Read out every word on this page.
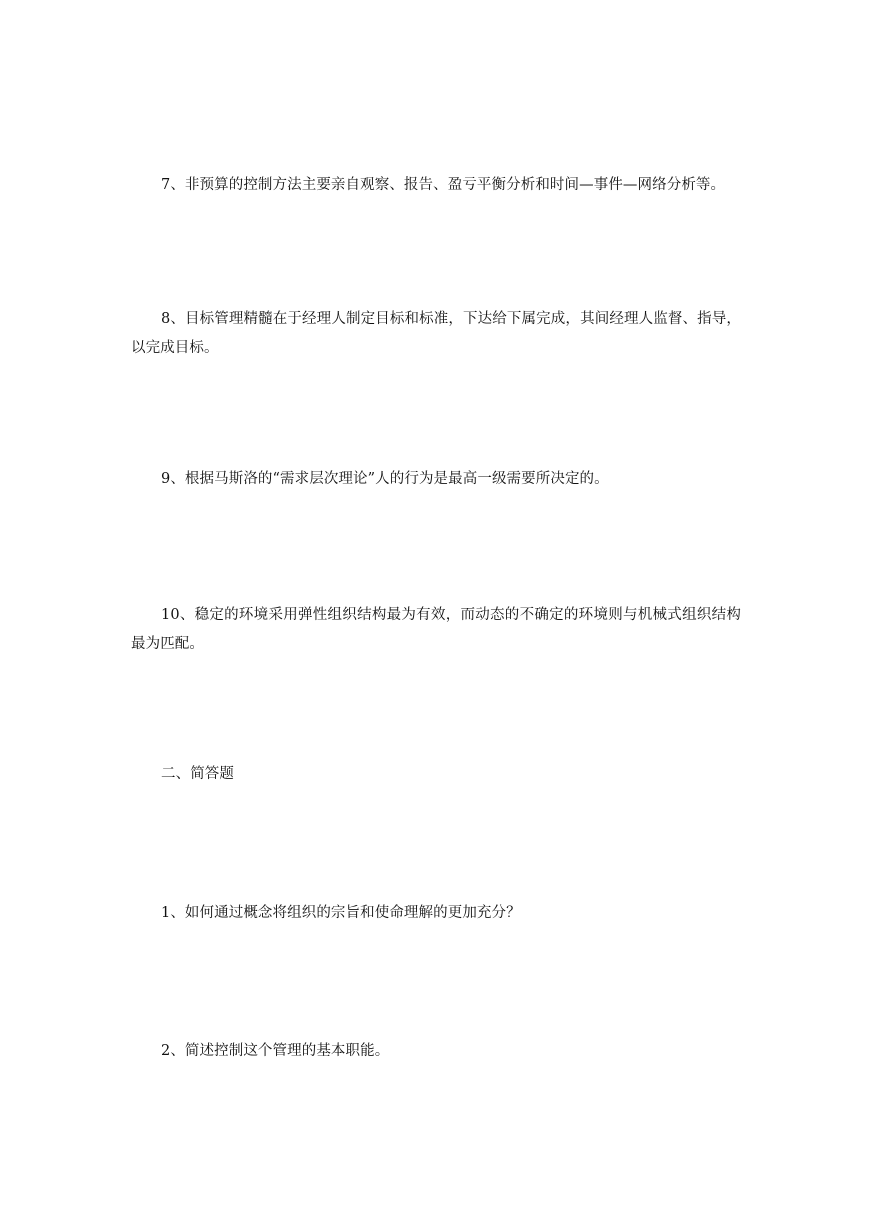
7、非预算的控制方法主要亲自观察、报告、盈亏平衡分析和时间—事件—网络分析等。

8、目标管理精髓在于经理人制定目标和标准，下达给下属完成，其间经理人监督、指导，以完成目标。

9、根据马斯洛的“需求层次理论”人的行为是最高一级需要所决定的。

10、稳定的环境采用弹性组织结构最为有效，而动态的不确定的环境则与机械式组织结构最为匹配。

二、简答题

1、如何通过概念将组织的宗旨和使命理解的更加充分？

2、简述控制这个管理的基本职能。
